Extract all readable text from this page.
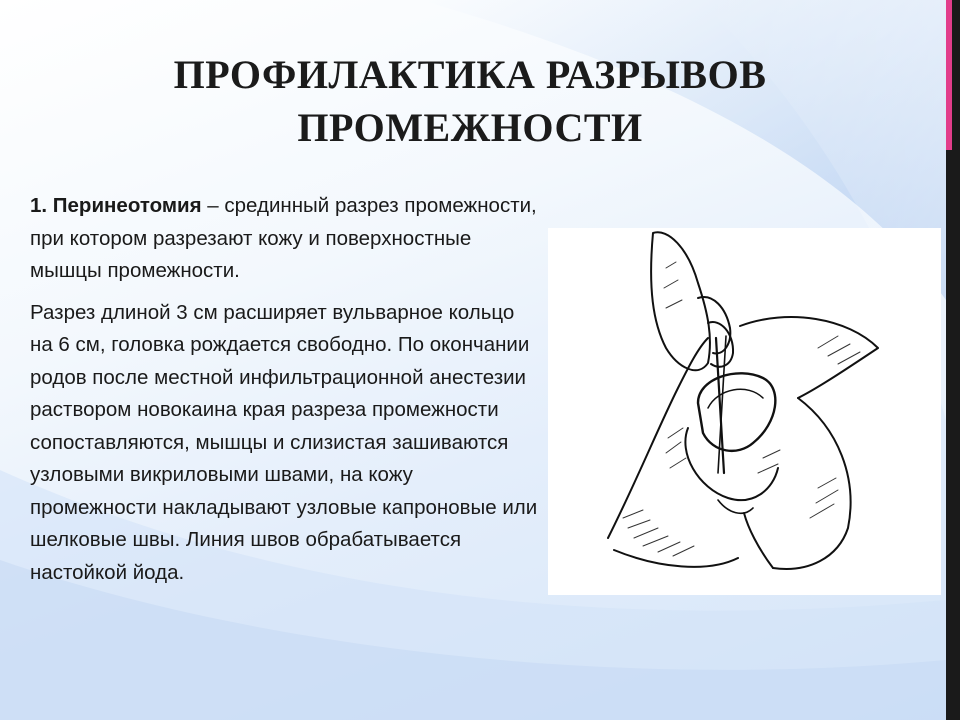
ПРОФИЛАКТИКА РАЗРЫВОВ
ПРОМЕЖНОСТИ

1. Перинеотомия – срединный разрез промежности, при котором разрезают кожу и поверхностные мышцы промежности.

Разрез длиной 3 см расширяет вульварное кольцо на 6 см, головка рождается свободно. По окончании родов после местной инфильтрационной анестезии раствором новокаина края разреза промежности сопоставляются, мышцы и слизистая зашиваются узловыми викриловыми швами, на кожу промежности накладывают узловые капроновые или шелковые швы. Линия швов обрабатывается настойкой йода.
